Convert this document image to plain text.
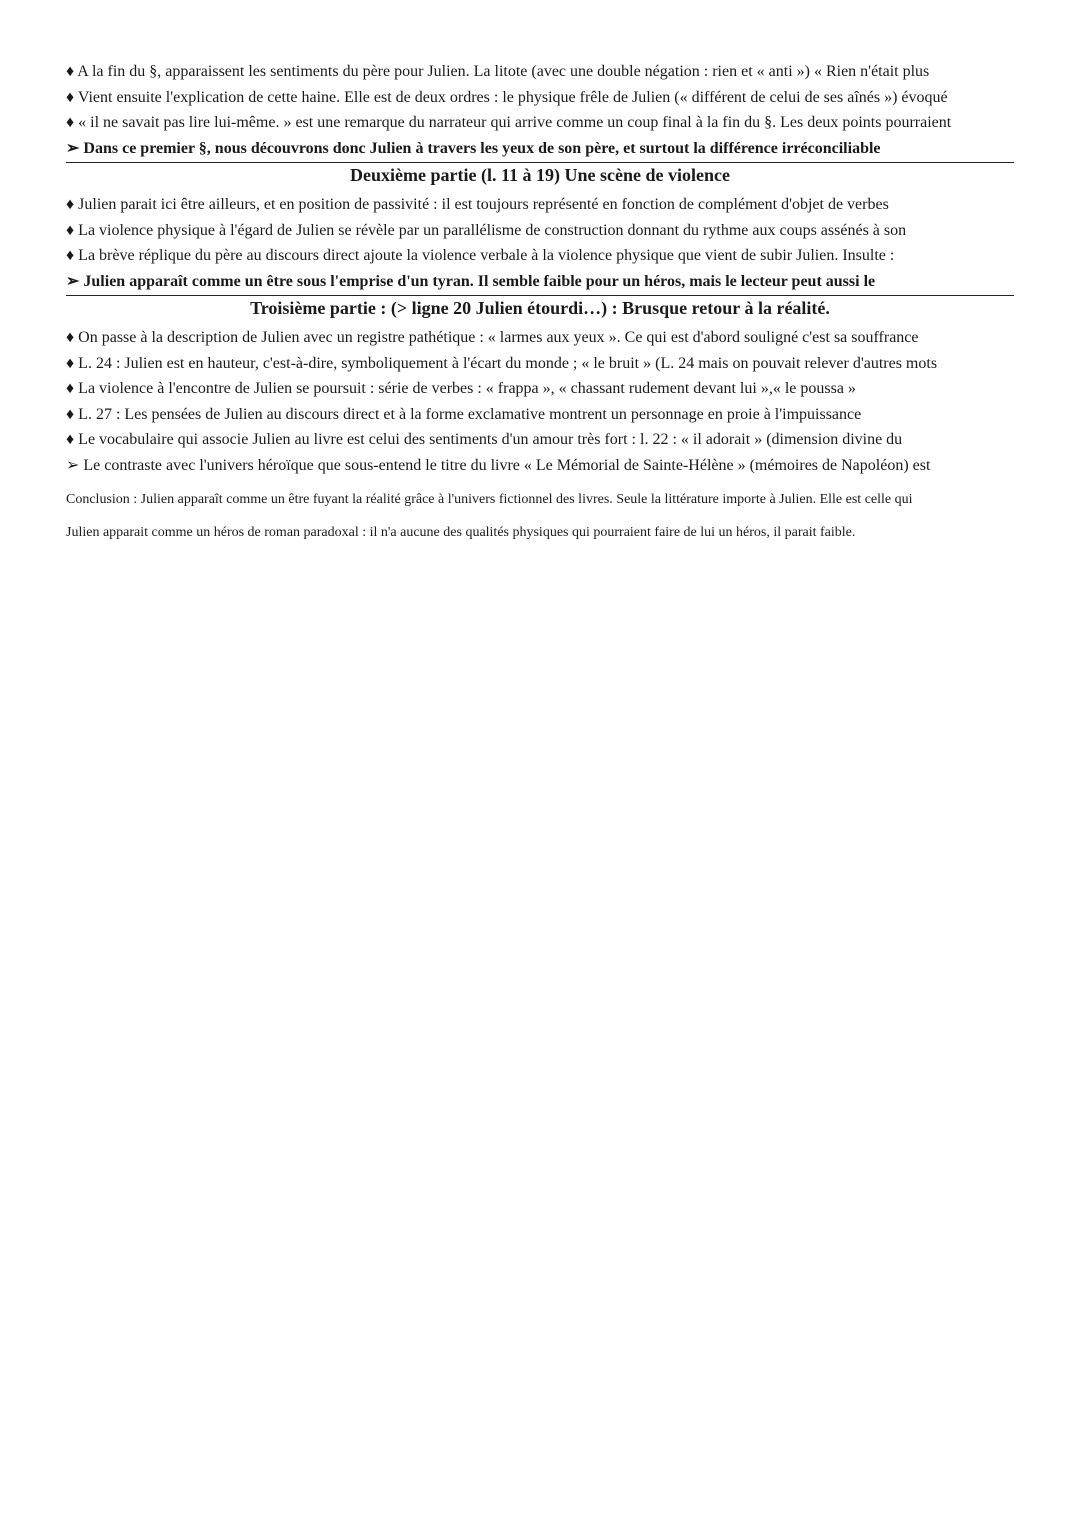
♦ A la fin du §, apparaissent les sentiments du père pour Julien. La litote (avec une double négation : rien et « anti ») « Rien n'était plus

♦ Vient ensuite l'explication de cette haine. Elle est de deux ordres : le physique frêle de Julien (« différent de celui de ses aînés ») évoqué

♦ « il ne savait pas lire lui-même. » est une remarque du narrateur qui arrive comme un coup final à la fin du §. Les deux points pourraient

➢ Dans ce premier §, nous découvrons donc Julien à travers les yeux de son père, et surtout la différence irréconciliable

Deuxième partie (l. 11 à 19) Une scène de violence

♦ Julien parait ici être ailleurs, et en position de passivité : il est toujours représenté en fonction de complément d'objet de verbes

♦ La violence physique à l'égard de Julien se révèle par un parallélisme de construction donnant du rythme aux coups assénés à son

♦ La brève réplique du père au discours direct ajoute la violence verbale à la violence physique que vient de subir Julien. Insulte :

➢ Julien apparaît comme un être sous l'emprise d'un tyran. Il semble faible pour un héros, mais le lecteur peut aussi le

Troisième partie : (> ligne 20 Julien étourdi…) : Brusque retour à la réalité.

♦ On passe à la description de Julien avec un registre pathétique : « larmes aux yeux ». Ce qui est d'abord souligné c'est sa souffrance

♦ L. 24 : Julien est en hauteur, c'est-à-dire, symboliquement à l'écart du monde ; « le bruit » (L. 24 mais on pouvait relever d'autres mots

♦ La violence à l'encontre de Julien se poursuit : série de verbes : « frappa », « chassant rudement devant lui »,« le poussa »

♦ L. 27 : Les pensées de Julien au discours direct et à la forme exclamative montrent un personnage en proie à l'impuissance

♦ Le vocabulaire qui associe Julien au livre est celui des sentiments d'un amour très fort : l. 22 : « il adorait » (dimension divine du

➢ Le contraste avec l'univers héroïque que sous-entend le titre du livre « Le Mémorial de Sainte-Hélène » (mémoires de Napoléon) est

Conclusion : Julien apparaît comme un être fuyant la réalité grâce à l'univers fictionnel des livres. Seule la littérature importe à Julien. Elle est celle qui

Julien apparait comme un héros de roman paradoxal : il n'a aucune des qualités physiques qui pourraient faire de lui un héros, il parait faible.
